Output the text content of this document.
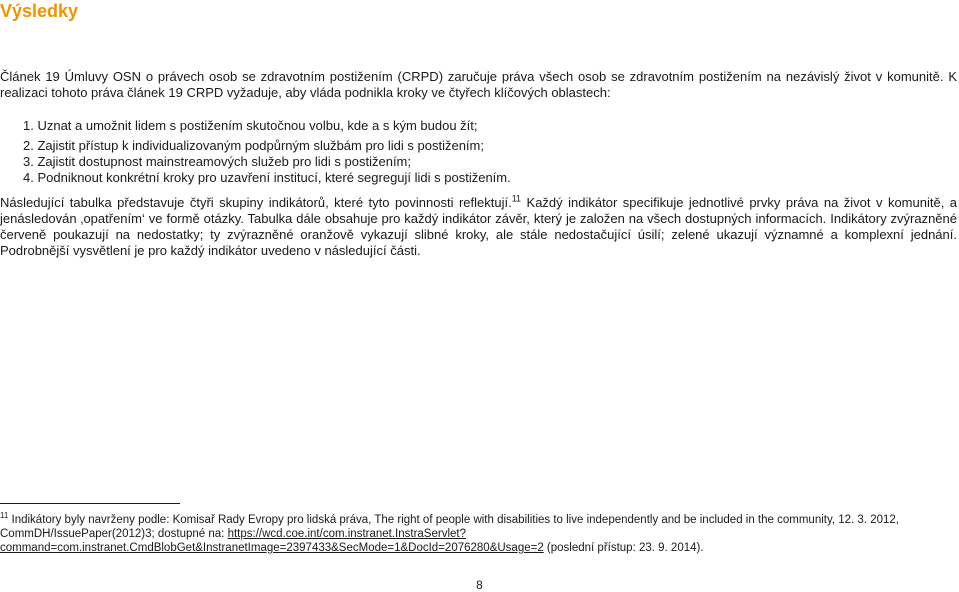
Výsledky

Článek 19 Úmluvy OSN o právech osob se zdravotním postižením (CRPD) zaručuje práva všech osob se zdravotním postižením na nezávislý život v komunitě. K realizaci tohoto práva článek 19 CRPD vyžaduje, aby vláda podnikla kroky ve čtyřech klíčových oblastech:

1. Uznat a umožnit lidem s postižením skutočnou volbu, kde a s kým budou žít;
2. Zajistit přístup k individualizovaným podpůrným službám pro lidi s postižením;
3. Zajistit dostupnost mainstreamových služeb pro lidi s postižením;
4. Podniknout konkrétní kroky pro uzavření institucí, které segregují lidi s postižením.

Následující tabulka představuje čtyři skupiny indikátorů, které tyto povinnosti reflektují.$^{11}$ Každý indikátor specifikuje jednotlivé prvky práva na život v komunitě, a jenásledován ‚opatřením‘ ve formě otázky. Tabulka dále obsahuje pro každý indikátor závěr, který je založen na všech dostupných informacích. Indikátory zvýrazněné červeně poukazují na nedostatky; ty zvýrazněné oranžově vykazují slibné kroky, ale stále nedostačující úsilí; zelené ukazují významné a komplexní jednání. Podrobnější vysvětlení je pro každý indikátor uvedeno v následující části.

$^{11}$ Indikátory byly navrženy podle: Komisař Rady Evropy pro lidská práva, The right of people with disabilities to live independently and be included in the community, 12. 3. 2012, CommDH/IssuePaper(2012)3; dostupné na: https://wcd.coe.int/com.instranet.InstraServlet?command=com.instranet.CmdBlobGet&InstranetImage=2397433&SecMode=1&DocId=2076280&Usage=2 (poslední přístup: 23. 9. 2014).

8
